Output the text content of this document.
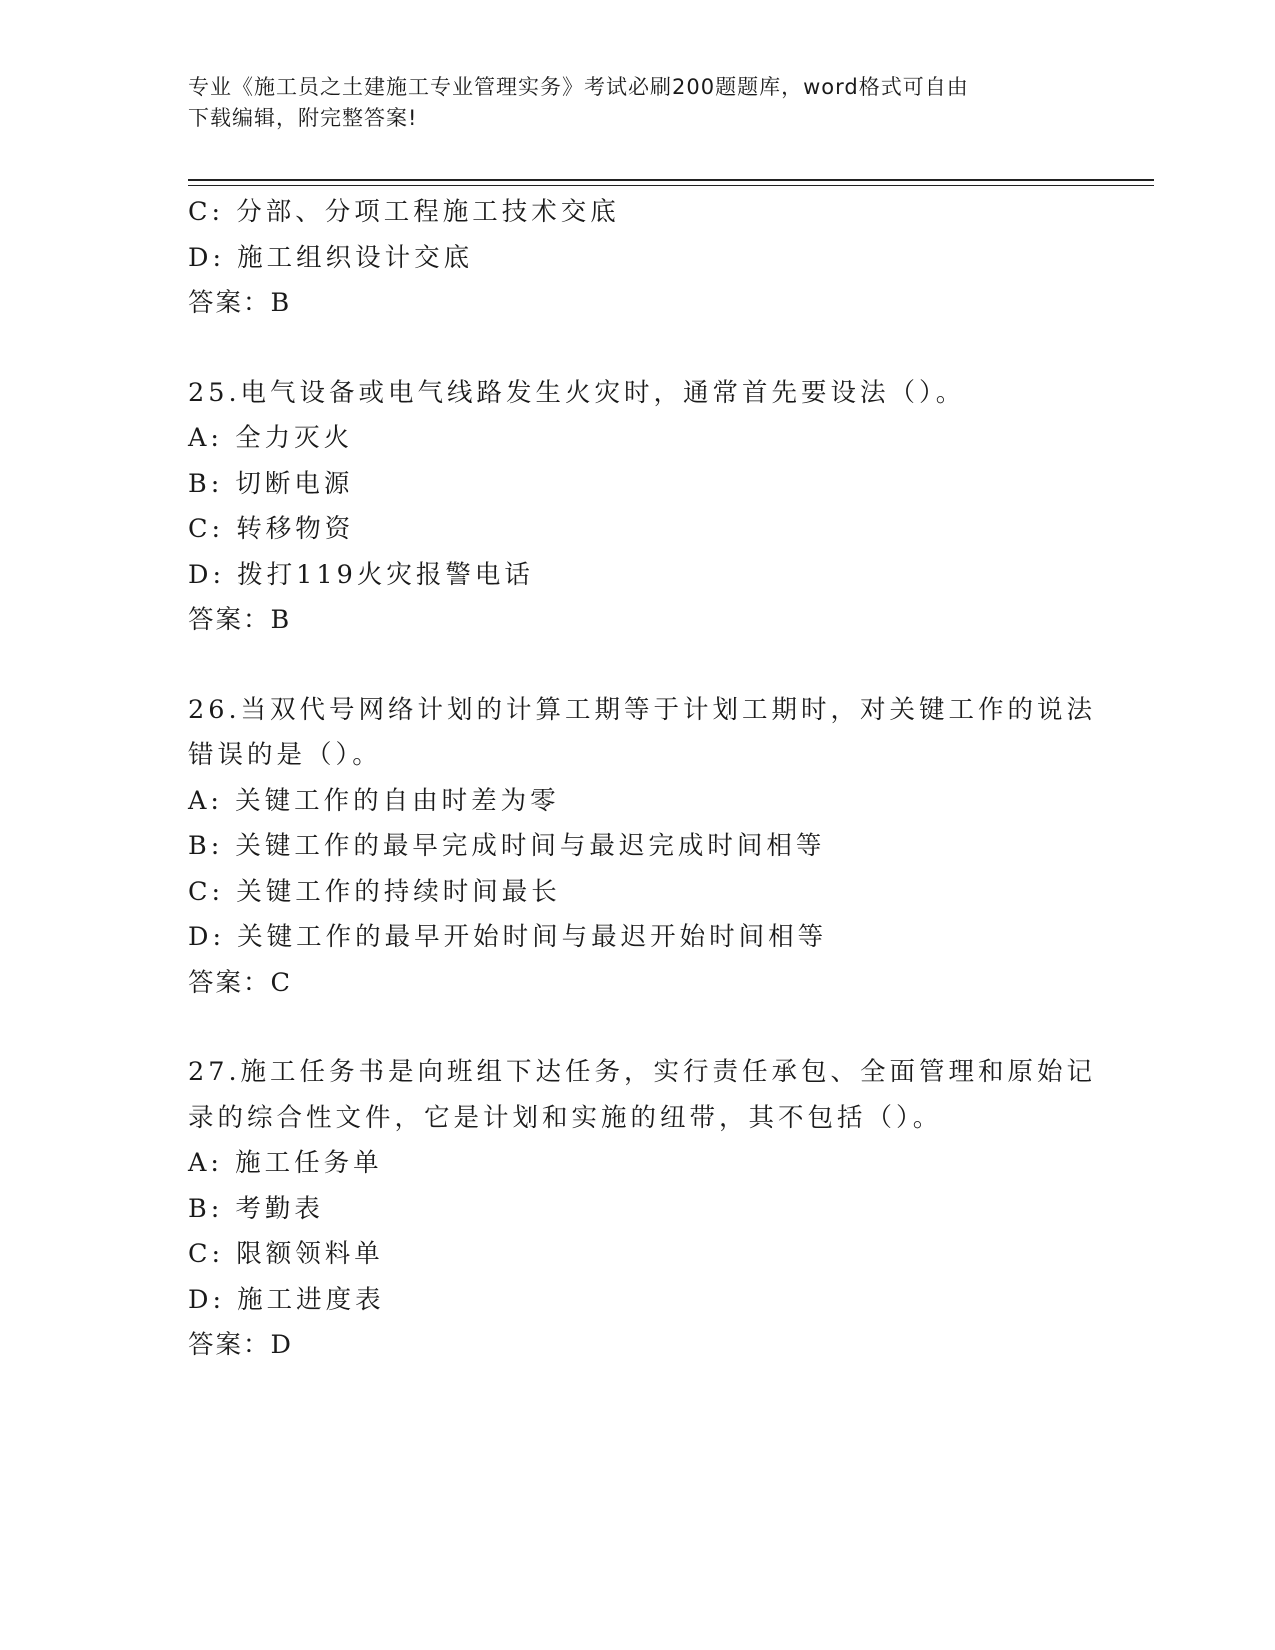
专业《施工员之土建施工专业管理实务》考试必刷200题题库，word格式可自由
下载编辑，附完整答案!
C: 分部、分项工程施工技术交底
D: 施工组织设计交底
答案：B
25.电气设备或电气线路发生火灾时，通常首先要设法（）。
A: 全力灭火
B: 切断电源
C: 转移物资
D: 拨打119火灾报警电话
答案：B
26.当双代号网络计划的计算工期等于计划工期时，对关键工作的说法
错误的是（）。
A: 关键工作的自由时差为零
B: 关键工作的最早完成时间与最迟完成时间相等
C: 关键工作的持续时间最长
D: 关键工作的最早开始时间与最迟开始时间相等
答案：C
27.施工任务书是向班组下达任务，实行责任承包、全面管理和原始记
录的综合性文件，它是计划和实施的纽带，其不包括（）。
A: 施工任务单
B: 考勤表
C: 限额领料单
D: 施工进度表
答案：D
